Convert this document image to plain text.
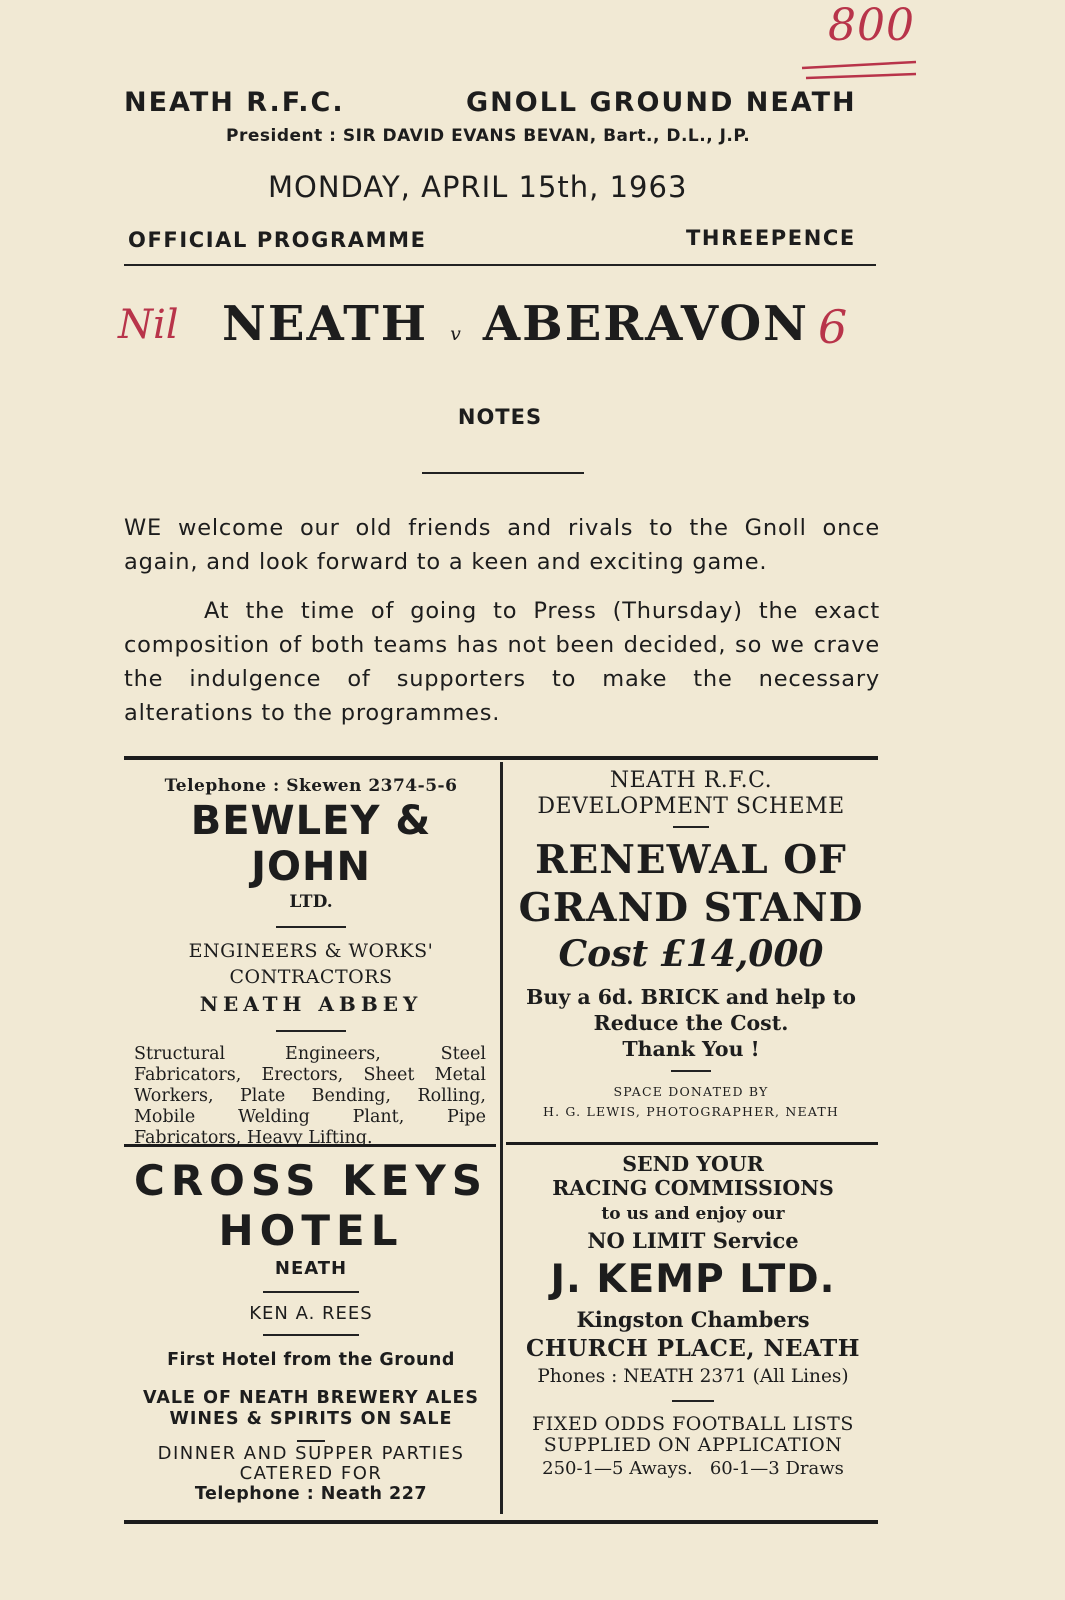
800
NEATH R.F.C.	GNOLL GROUND NEATH
President : SIR DAVID EVANS BEVAN, Bart., D.L., J.P.
MONDAY, APRIL 15th, 1963
OFFICIAL PROGRAMME	THREEPENCE
Nil NEATH v ABERAVON 6
NOTES
WE welcome our old friends and rivals to the Gnoll once again, and look forward to a keen and exciting game.
At the time of going to Press (Thursday) the exact composition of both teams has not been decided, so we crave the indulgence of supporters to make the necessary alterations to the programmes.
Telephone : Skewen 2374-5-6
BEWLEY & JOHN
LTD.
ENGINEERS & WORKS'
CONTRACTORS
NEATH ABBEY
Structural Engineers, Steel Fabricators, Erectors, Sheet Metal Workers, Plate Bending, Rolling, Mobile Welding Plant, Pipe Fabricators, Heavy Lifting.
NEATH R.F.C.
DEVELOPMENT SCHEME
RENEWAL OF
GRAND STAND
Cost £14,000
Buy a 6d. BRICK and help to
Reduce the Cost.
Thank You !
SPACE DONATED BY
H. G. LEWIS, PHOTOGRAPHER, NEATH
CROSS KEYS
HOTEL
NEATH
KEN A. REES
First Hotel from the Ground
VALE OF NEATH BREWERY ALES
WINES & SPIRITS ON SALE
DINNER AND SUPPER PARTIES
CATERED FOR
Telephone : Neath 227
SEND YOUR
RACING COMMISSIONS
to us and enjoy our
NO LIMIT Service
J. KEMP LTD.
Kingston Chambers
CHURCH PLACE, NEATH
Phones : NEATH 2371 (All Lines)
FIXED ODDS FOOTBALL LISTS
SUPPLIED ON APPLICATION
250-1—5 Aways.   60-1—3 Draws
